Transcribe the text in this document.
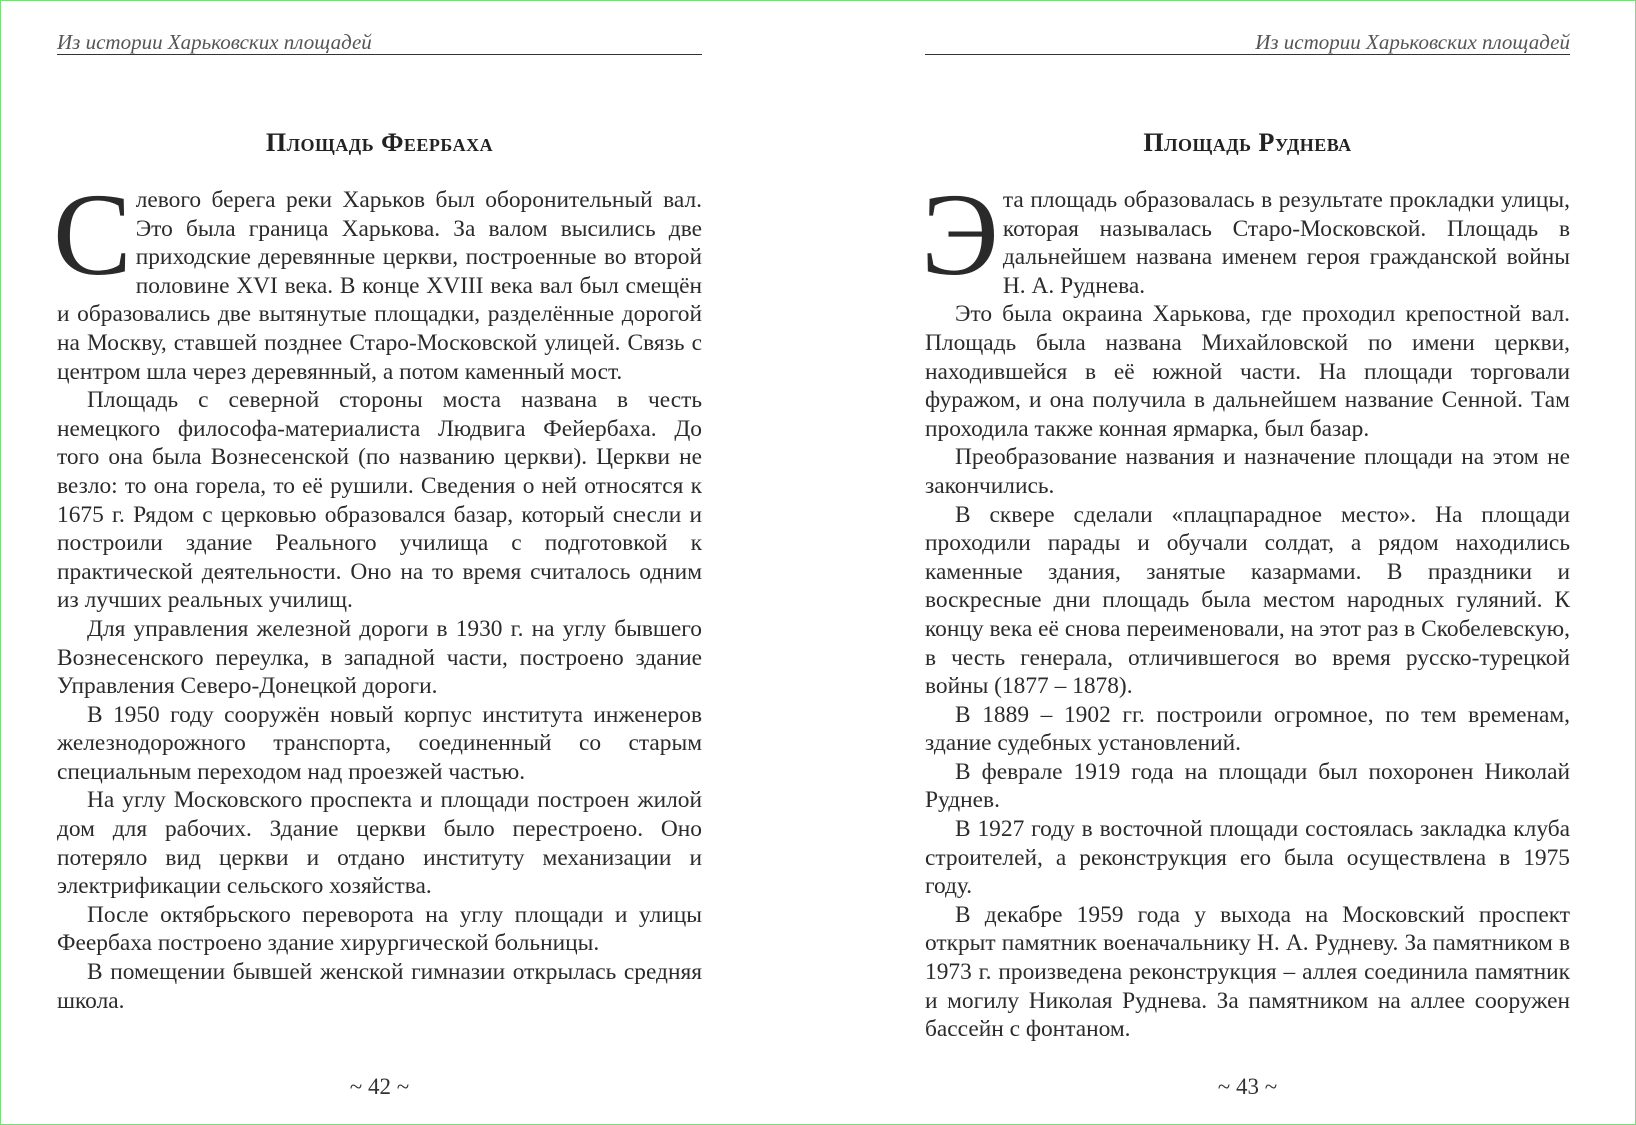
Из истории Харьковских площадей
Площадь Феербаха

Слевого берега реки Харьков был оборонительный вал. Это была граница Харькова. За валом высились две приходские деревянные церкви, построенные во второй половине XVI века. В конце XVIII века вал был смещён и образовались две вытянутые площадки, разделённые дорогой на Москву, ставшей позднее Старо-Московской улицей. Связь с центром шла через деревянный, а потом каменный мост.

Площадь с северной стороны моста названа в честь немецкого философа-материалиста Людвига Фейербаха. До того она была Вознесенской (по названию церкви). Церкви не везло: то она горела, то её рушили. Сведения о ней относятся к 1675 г. Рядом с церковью образовался базар, который снесли и построили здание Реального училища с подготовкой к практической деятельности. Оно на то время считалось одним из лучших реальных училищ.

Для управления железной дороги в 1930 г. на углу бывшего Вознесенского переулка, в западной части, построено здание Управления Северо-Донецкой дороги.

В 1950 году сооружён новый корпус института инженеров железнодорожного транспорта, соединенный со старым специальным переходом над проезжей частью.

На углу Московского проспекта и площади построен жилой дом для рабочих. Здание церкви было перестроено. Оно потеряло вид церкви и отдано институту механизации и электрификации сельского хозяйства.

После октябрьского переворота на углу площади и улицы Феербаха построено здание хирургической больницы.

В помещении бывшей женской гимназии открылась средняя школа.

~ 42 ~
Из истории Харьковских площадей
Площадь Руднева

Эта площадь образовалась в результате прокладки улицы, которая называлась Старо-Московской. Площадь в дальнейшем названа именем героя гражданской войны Н. А. Руднева.

Это была окраина Харькова, где проходил крепостной вал. Площадь была названа Михайловской по имени церкви, находившейся в её южной части. На площади торговали фуражом, и она получила в дальнейшем название Сенной. Там проходила также конная ярмарка, был базар.

Преобразование названия и назначение площади на этом не закончились.

В сквере сделали «плацпарадное место». На площади проходили парады и обучали солдат, а рядом находились каменные здания, занятые казармами. В праздники и воскресные дни площадь была местом народных гуляний. К концу века её снова переименовали, на этот раз в Скобелевскую, в честь генерала, отличившегося во время русско-турецкой войны (1877 – 1878).

В 1889 – 1902 гг. построили огромное, по тем временам, здание судебных установлений.

В феврале 1919 года на площади был похоронен Николай Руднев.

В 1927 году в восточной площади состоялась закладка клуба строителей, а реконструкция его была осуществлена в 1975 году.

В декабре 1959 года у выхода на Московский проспект открыт памятник военачальнику Н. А. Рудневу. За памятником в 1973 г. произведена реконструкция – аллея соединила памятник и могилу Николая Руднева. За памятником на аллее сооружен бассейн с фонтаном.

~ 43 ~
